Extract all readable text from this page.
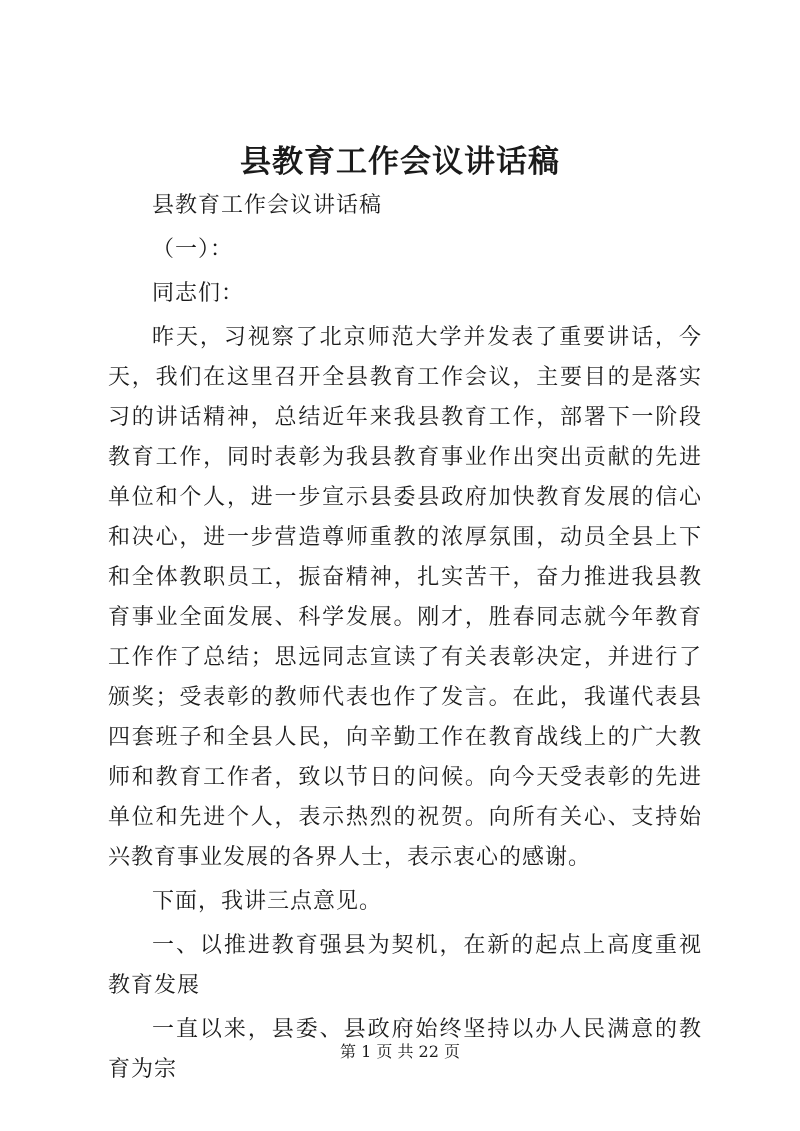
县教育工作会议讲话稿

县教育工作会议讲话稿

（一）：

同志们：

昨天，习视察了北京师范大学并发表了重要讲话，今天，我们在这里召开全县教育工作会议，主要目的是落实习的讲话精神，总结近年来我县教育工作，部署下一阶段教育工作，同时表彰为我县教育事业作出突出贡献的先进单位和个人，进一步宣示县委县政府加快教育发展的信心和决心，进一步营造尊师重教的浓厚氛围，动员全县上下和全体教职员工，振奋精神，扎实苦干，奋力推进我县教育事业全面发展、科学发展。刚才，胜春同志就今年教育工作作了总结；思远同志宣读了有关表彰决定，并进行了颁奖；受表彰的教师代表也作了发言。在此，我谨代表县四套班子和全县人民，向辛勤工作在教育战线上的广大教师和教育工作者，致以节日的问候。向今天受表彰的先进单位和先进个人，表示热烈的祝贺。向所有关心、支持始兴教育事业发展的各界人士，表示衷心的感谢。

下面，我讲三点意见。

一、以推进教育强县为契机，在新的起点上高度重视教育发展

一直以来，县委、县政府始终坚持以办人民满意的教育为宗

第 1 页 共 22 页
